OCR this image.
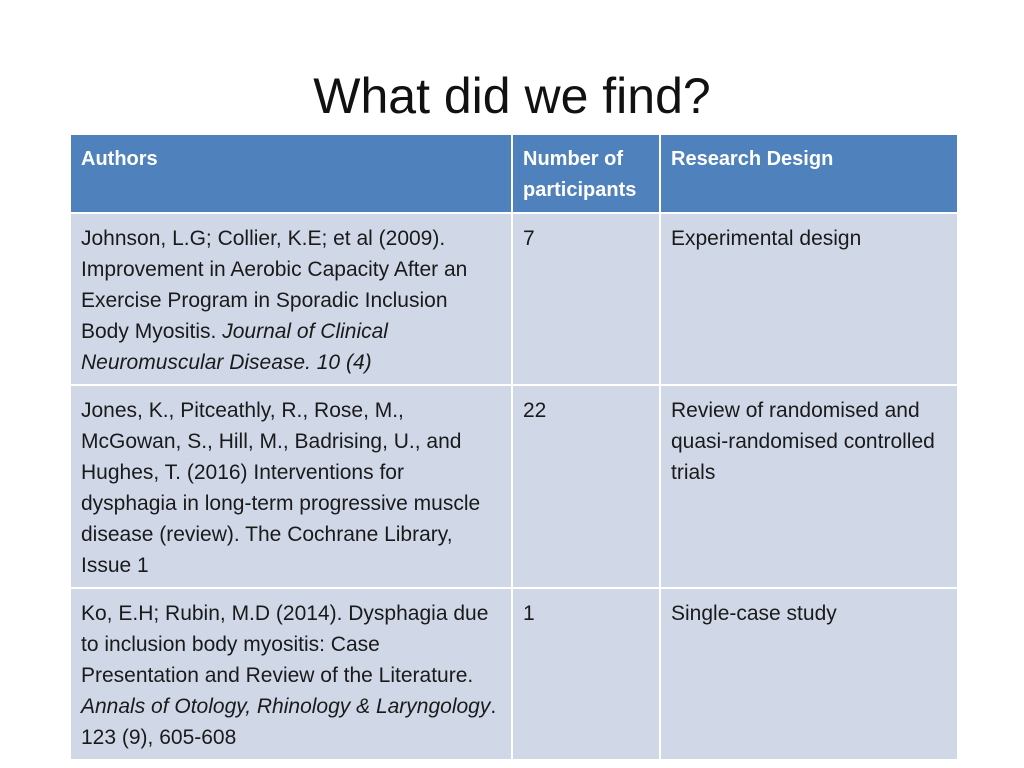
What did we find?
Authors	Number of participants	Research Design
Johnson, L.G; Collier, K.E; et al (2009). Improvement in Aerobic Capacity After an Exercise Program in Sporadic Inclusion Body Myositis. Journal of Clinical Neuromuscular Disease. 10 (4)	7	Experimental design
Jones, K., Pitceathly, R., Rose, M., McGowan, S., Hill, M., Badrising, U., and Hughes, T. (2016) Interventions for dysphagia in long-term progressive muscle disease (review). The Cochrane Library, Issue 1	22	Review of randomised and quasi-randomised controlled trials
Ko, E.H; Rubin, M.D (2014). Dysphagia due to inclusion body myositis: Case Presentation and Review of the Literature. Annals of Otology, Rhinology & Laryngology. 123 (9), 605-608	1	Single-case study
